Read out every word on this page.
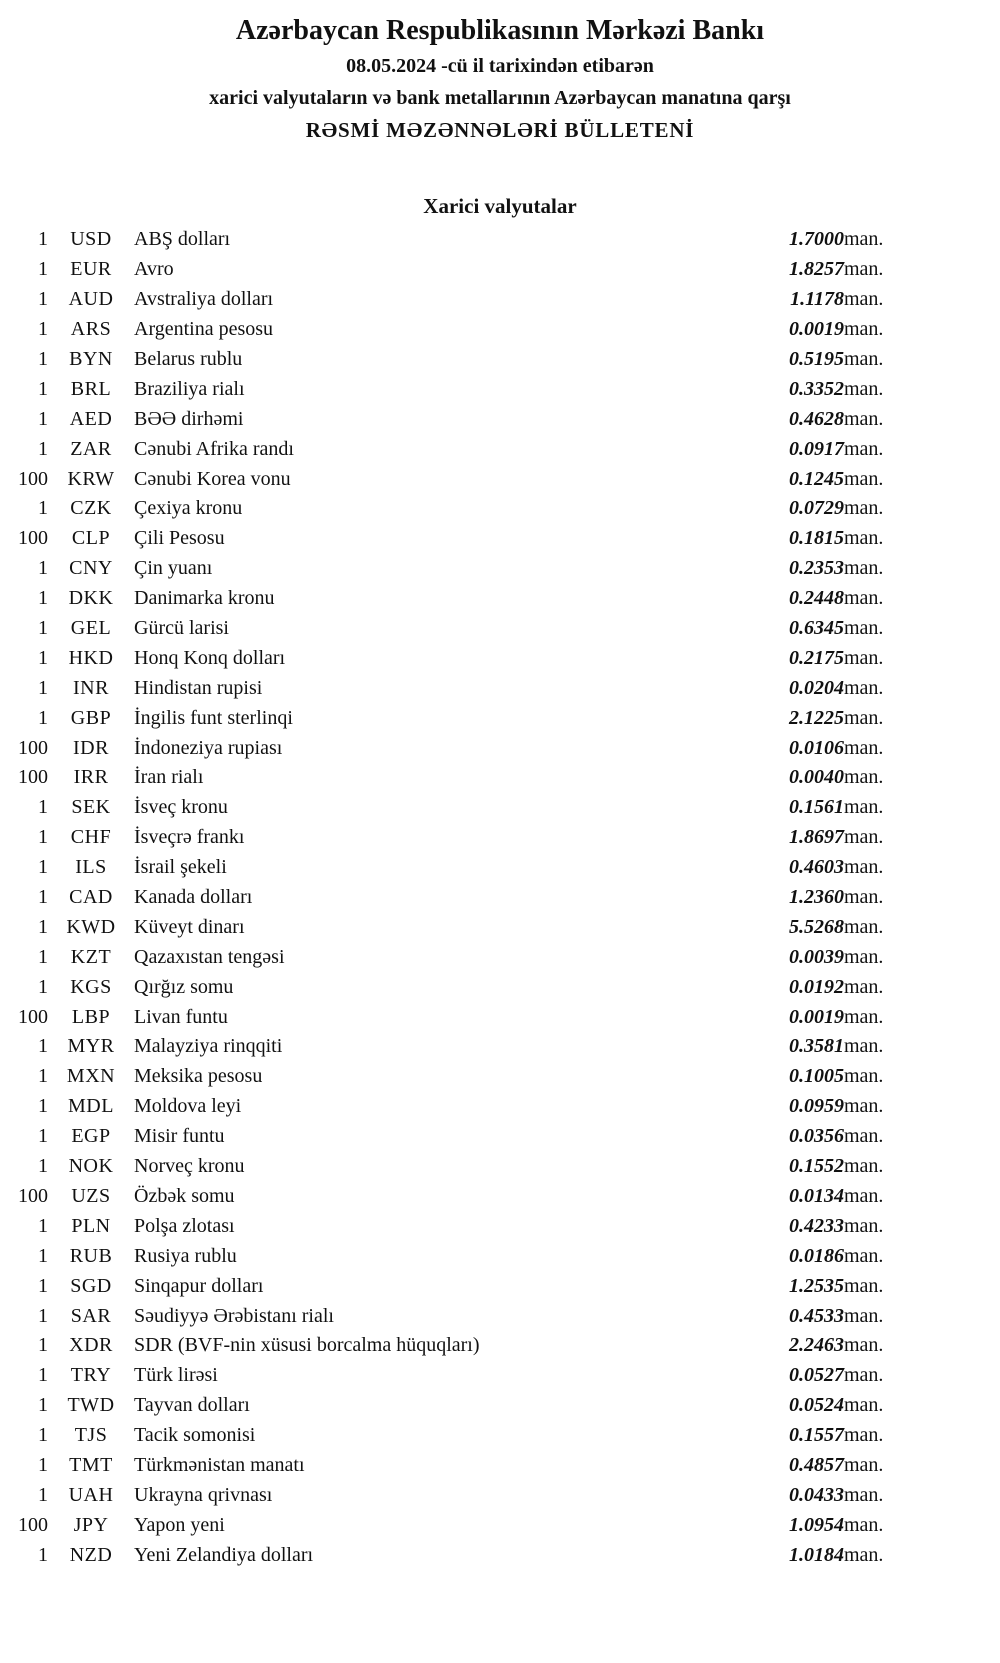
Azərbaycan Respublikasının Mərkəzi Bankı
08.05.2024 -cü il tarixindən etibarən
xarici valyutaların və bank metallarının Azərbaycan manatına qarşı
RƏSMİ MƏZƏNNƏLƏRİ BÜLLETENİ
Xarici valyutalar
1	USD	ABŞ dolları	1.7000	man.
1	EUR	Avro	1.8257	man.
1	AUD	Avstraliya dolları	1.1178	man.
1	ARS	Argentina pesosu	0.0019	man.
1	BYN	Belarus rublu	0.5195	man.
1	BRL	Braziliya rialı	0.3352	man.
1	AED	BƏƏ dirhəmi	0.4628	man.
1	ZAR	Cənubi Afrika randı	0.0917	man.
100	KRW	Cənubi Korea vonu	0.1245	man.
1	CZK	Çexiya kronu	0.0729	man.
100	CLP	Çili Pesosu	0.1815	man.
1	CNY	Çin yuanı	0.2353	man.
1	DKK	Danimarka kronu	0.2448	man.
1	GEL	Gürcü larisi	0.6345	man.
1	HKD	Honq Konq dolları	0.2175	man.
1	INR	Hindistan rupisi	0.0204	man.
1	GBP	İngilis funt sterlinqi	2.1225	man.
100	IDR	İndoneziya rupiası	0.0106	man.
100	IRR	İran rialı	0.0040	man.
1	SEK	İsveç kronu	0.1561	man.
1	CHF	İsveçrə frankı	1.8697	man.
1	ILS	İsrail şekeli	0.4603	man.
1	CAD	Kanada dolları	1.2360	man.
1	KWD	Küveyt dinarı	5.5268	man.
1	KZT	Qazaxıstan tengəsi	0.0039	man.
1	KGS	Qırğız somu	0.0192	man.
100	LBP	Livan funtu	0.0019	man.
1	MYR	Malayziya rinqqiti	0.3581	man.
1	MXN	Meksika pesosu	0.1005	man.
1	MDL	Moldova leyi	0.0959	man.
1	EGP	Misir funtu	0.0356	man.
1	NOK	Norveç kronu	0.1552	man.
100	UZS	Özbək somu	0.0134	man.
1	PLN	Polşa zlotası	0.4233	man.
1	RUB	Rusiya rublu	0.0186	man.
1	SGD	Sinqapur dolları	1.2535	man.
1	SAR	Səudiyyə Ərəbistanı rialı	0.4533	man.
1	XDR	SDR (BVF-nin xüsusi borcalma hüquqları)	2.2463	man.
1	TRY	Türk lirəsi	0.0527	man.
1	TWD	Tayvan dolları	0.0524	man.
1	TJS	Tacik somonisi	0.1557	man.
1	TMT	Türkmənistan manatı	0.4857	man.
1	UAH	Ukrayna qrivnası	0.0433	man.
100	JPY	Yapon yeni	1.0954	man.
1	NZD	Yeni Zelandiya dolları	1.0184	man.
